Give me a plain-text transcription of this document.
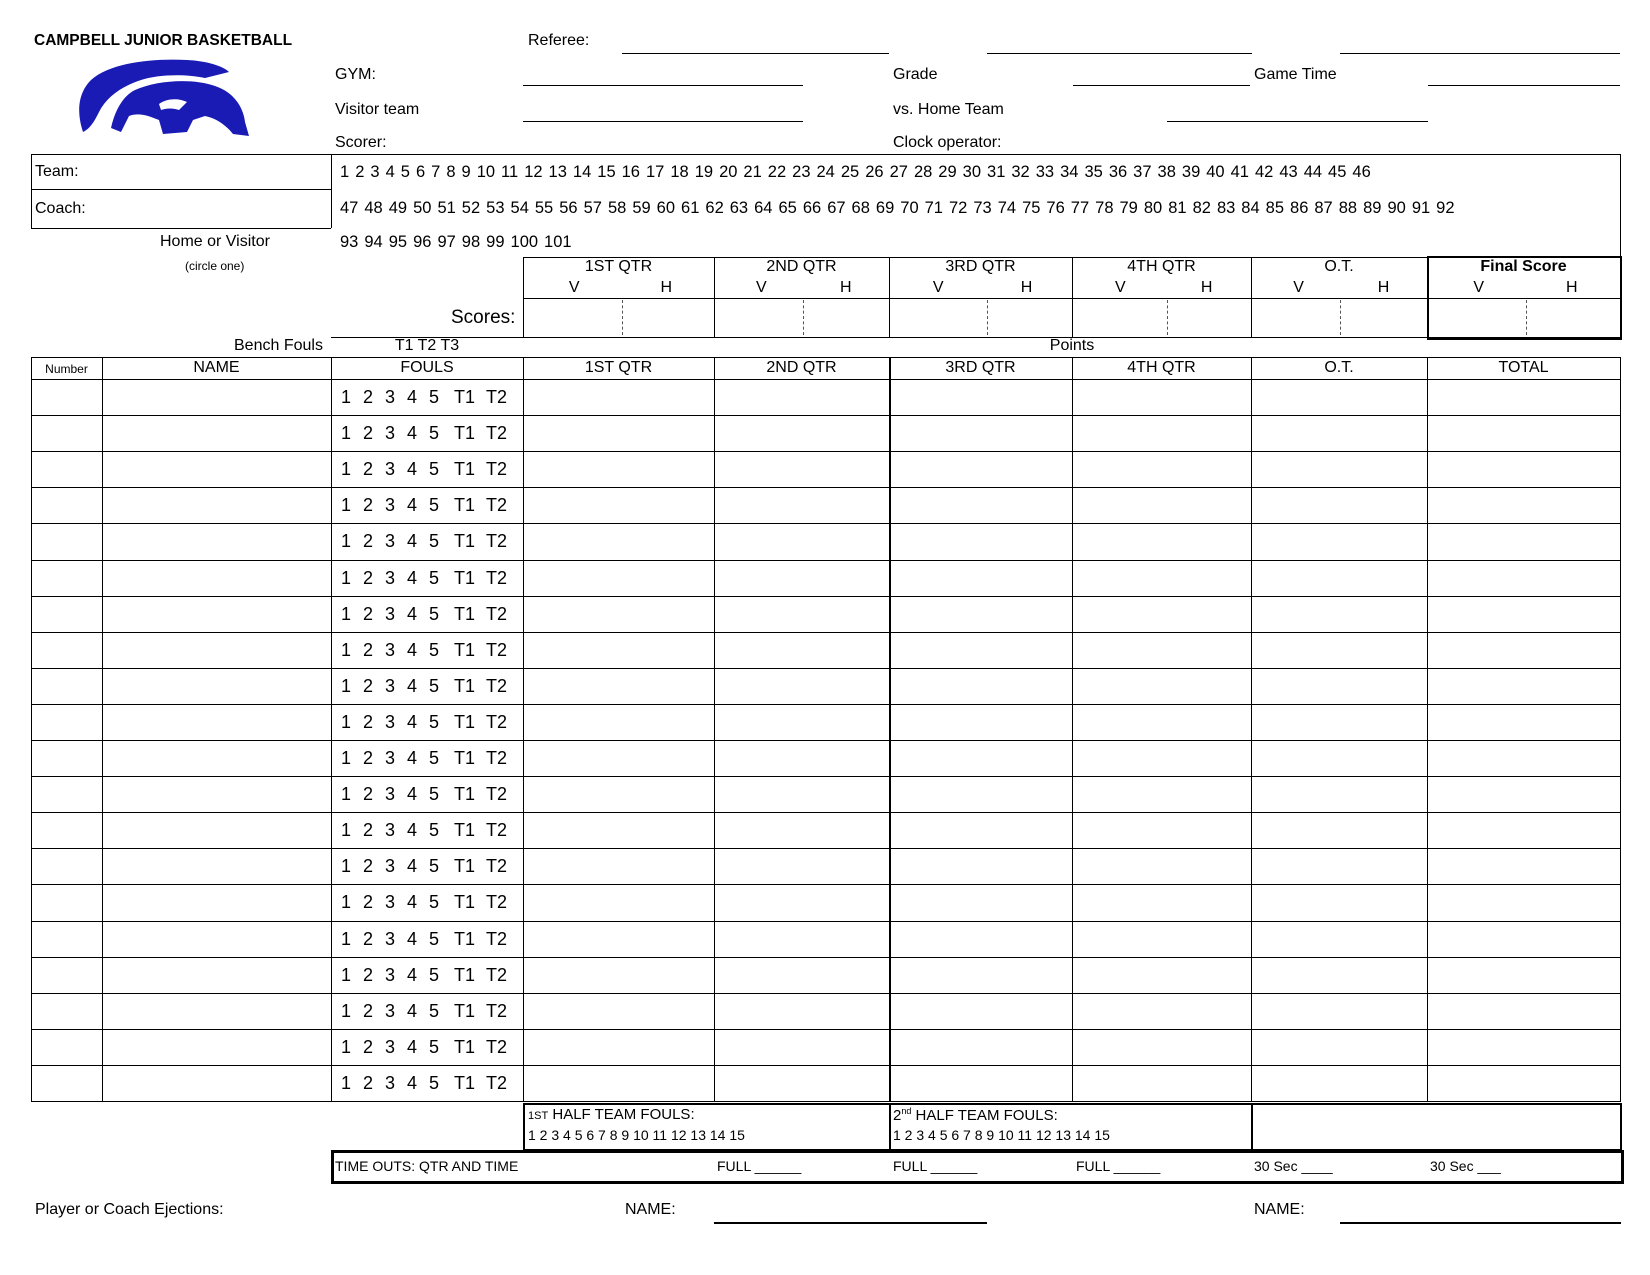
CAMPBELL JUNIOR BASKETBALL	Referee:
GYM:	Grade	Game Time
Visitor team	vs. Home Team
Scorer:	Clock operator:
Team:
Coach:
Home or Visitor
(circle one)
1 2 3 4 5 6 7 8 9 10 11 12 13 14 15 16 17 18 19 20 21 22 23 24 25 26 27 28 29 30 31 32 33 34 35 36 37 38 39 40 41 42 43 44 45 46
47 48 49 50 51 52 53 54 55 56 57 58 59 60 61 62 63 64 65 66 67 68 69 70 71 72 73 74 75 76 77 78 79 80 81 82 83 84 85 86 87 88 89 90 91 92
93 94 95 96 97 98 99 100 101
1ST QTR
V	H
2ND QTR
V	H
3RD QTR
V	H
4TH QTR
V	H
O.T.
V	H
Final Score
V	H
Scores:
Bench Fouls	T1 T2 T3	Points
Number	NAME	FOULS	1ST QTR	2ND QTR	3RD QTR	4TH QTR	O.T.	TOTAL
1 2 3 4 5 T1 T2
1 2 3 4 5 T1 T2
1 2 3 4 5 T1 T2
1 2 3 4 5 T1 T2
1 2 3 4 5 T1 T2
1 2 3 4 5 T1 T2
1 2 3 4 5 T1 T2
1 2 3 4 5 T1 T2
1 2 3 4 5 T1 T2
1 2 3 4 5 T1 T2
1 2 3 4 5 T1 T2
1 2 3 4 5 T1 T2
1 2 3 4 5 T1 T2
1 2 3 4 5 T1 T2
1 2 3 4 5 T1 T2
1 2 3 4 5 T1 T2
1 2 3 4 5 T1 T2
1 2 3 4 5 T1 T2
1 2 3 4 5 T1 T2
1 2 3 4 5 T1 T2
1ST HALF TEAM FOULS:
1 2 3 4 5 6 7 8 9 10 11 12 13 14 15
2nd HALF TEAM FOULS:
1 2 3 4 5 6 7 8 9 10 11 12 13 14 15
TIME OUTS: QTR AND TIME	FULL ______	FULL ______	FULL ______	30 Sec ____	30 Sec ___
Player or Coach Ejections:	NAME:	NAME:
